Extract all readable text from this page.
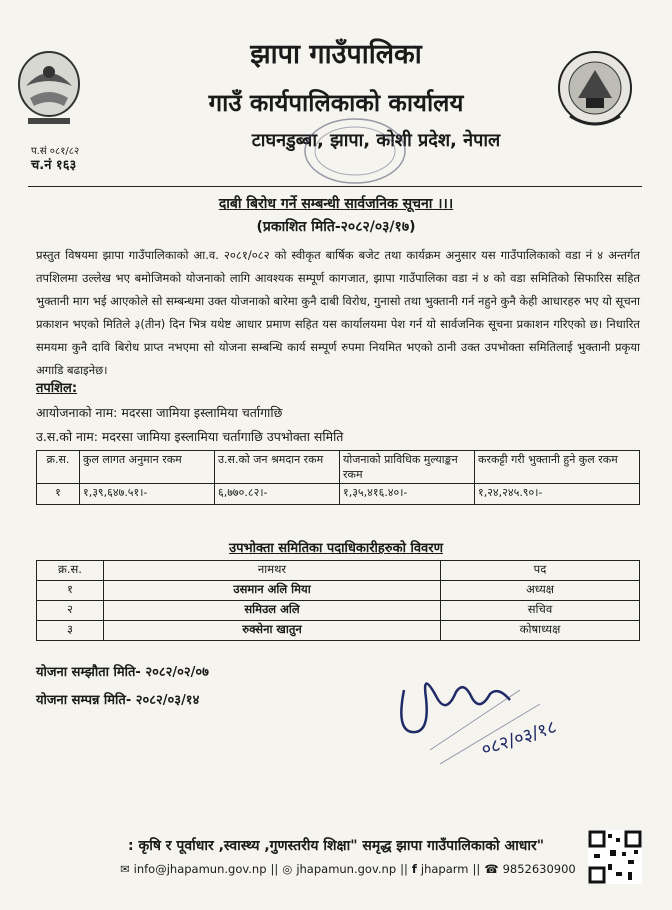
झापा गाउँपालिका
गाउँ कार्यपालिकाको कार्यालय
टाघनडुब्बा, झापा, कोशी प्रदेश, नेपाल
प.सं ०८१/८२
च.नं १६३
दाबी बिरोध गर्ने सम्बन्धी सार्वजनिक सूचना ।।।
(प्रकाशित मिति-२०८२/०३/१७)
प्रस्तुत विषयमा झापा गाउँपालिकाको आ.व. २०८१/०८२ को स्वीकृत बार्षिक बजेट तथा कार्यक्रम अनुसार यस गाउँपालिकाको वडा नं ४ अन्तर्गत तपशिलमा उल्लेख भए बमोजिमको योजनाको लागि आवश्यक सम्पूर्ण कागजात, झापा गाउँपालिका वडा नं ४ को वडा समितिको सिफारिस सहित भुक्तानी माग भई आएकोले सो सम्बन्धमा उक्त योजनाको बारेमा कुनै दाबी विरोध, गुनासो तथा भुक्तानी गर्न नहुने कुनै केही आधारहरु भए यो सूचना प्रकाशन भएको मितिले ३(तीन) दिन भित्र यथेष्ट आधार प्रमाण सहित यस कार्यालयमा पेश गर्न यो सार्वजनिक सूचना प्रकाशन गरिएको छ। निधारित समयमा कुनै दावि बिरोध प्राप्त नभएमा सो योजना सम्बन्धि कार्य सम्पूर्ण रुपमा नियमित भएको ठानी उक्त उपभोक्ता समितिलाई भुक्तानी प्रकृया अगाडि बढाइनेछ।
तपशिल:
आयोजनाको नाम: मदरसा जामिया इस्लामिया चर्तागाछि
उ.स.को नाम: मदरसा जामिया इस्लामिया चर्तागाछि उपभोक्ता समिति
क्र.स.	कुल लागत अनुमान रकम	उ.स.को जन श्रमदान रकम	योजनाको प्राविधिक मुल्याङ्कन रकम	करकट्टी गरी भुक्तानी हुने कुल रकम
१	१,३९,६४७.५१।-	६,७७०.८२।-	१,३५,४१६.४०।-	१,२४,२४५.९०।-
उपभोक्ता समितिका पदाधिकारीहरुको विवरण
क्र.स.	नामथर	पद
१	उसमान अलि मिया	अध्यक्ष
२	समिउल अलि	सचिव
३	रुक्सेना खातुन	कोषाध्यक्ष
योजना सम्झौता मिति- २०८२/०२/०७
योजना सम्पन्न मिति- २०८२/०३/१४
०८२/०३/१८
: कृषि र पूर्वाधार ,स्वास्थ्य ,गुणस्तरीय शिक्षा" समृद्ध झापा गाउँपालिकाको आधार"
✉ info@jhapamun.gov.np || ◎ jhapamun.gov.np || f jhaparm || ☎ 9852630900
